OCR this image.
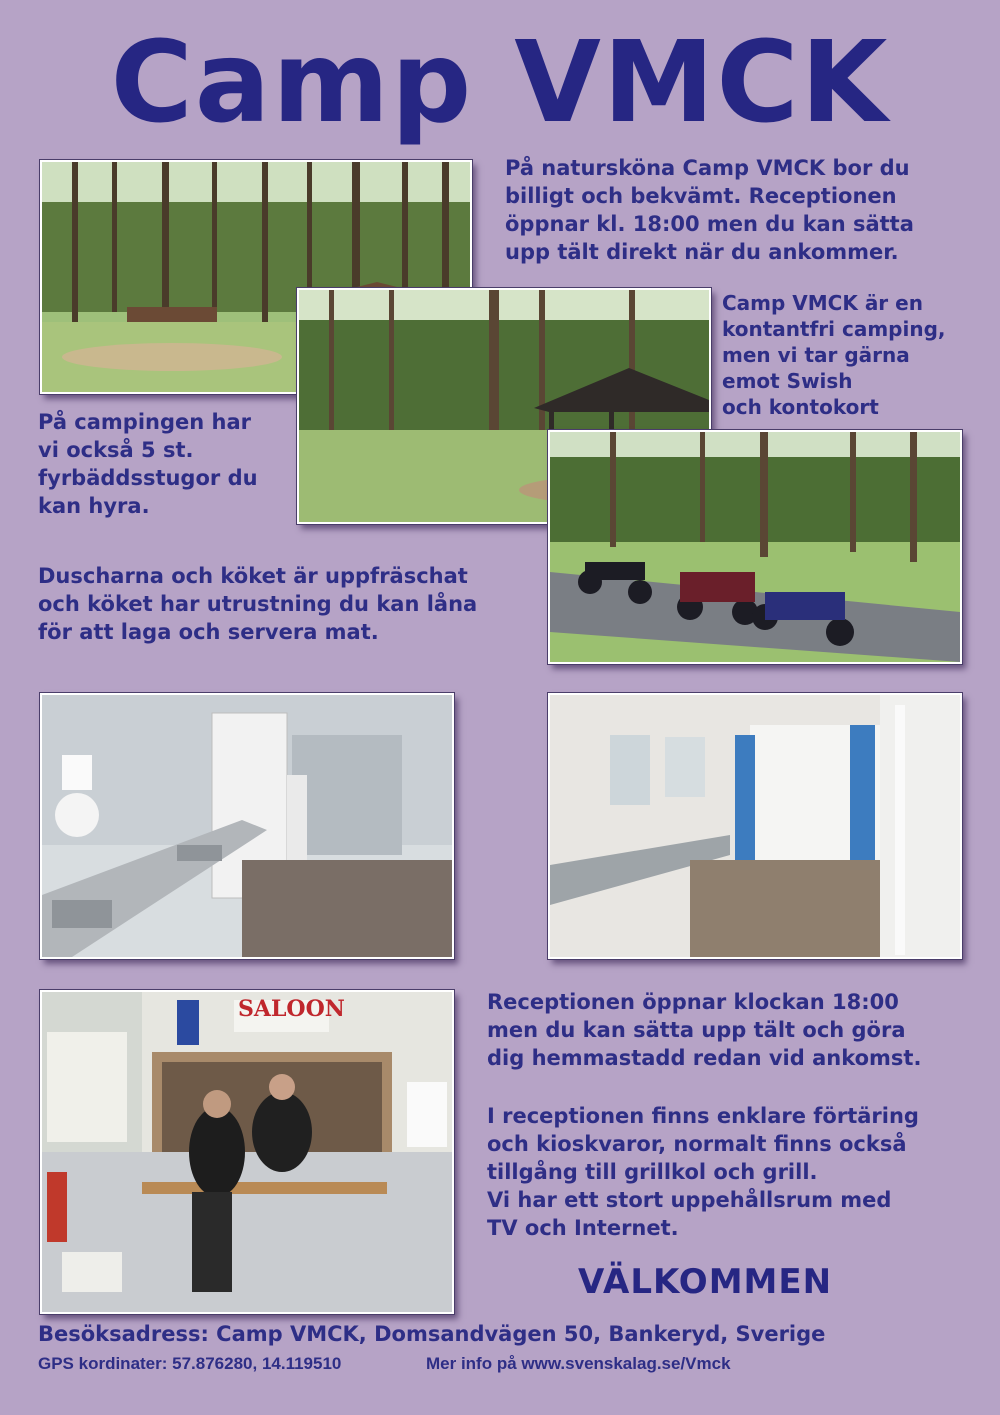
Camp VMCK
På natursköna Camp VMCK bor du
billigt och bekvämt. Receptionen
öppnar kl. 18:00 men du kan sätta
upp tält direkt när du ankommer.
Camp VMCK är en
kontantfri camping,
men vi tar gärna
emot Swish
och kontokort
På campingen har
vi också 5 st.
fyrbäddsstugor du
kan hyra.
Duscharna och köket är uppfräschat
och köket har utrustning du kan låna
för att laga och servera mat.
SALOON	Receptionen öppnar klockan 18:00
men du kan sätta upp tält och göra
dig hemmastadd redan vid ankomst.
I receptionen finns enklare förtäring
och kioskvaror, normalt finns också
tillgång till grillkol och grill.
Vi har ett stort uppehållsrum med
TV och Internet.
VÄLKOMMEN
Besöksadress: Camp VMCK, Domsandvägen 50, Bankeryd, Sverige
GPS kordinater: 57.876280, 14.119510	Mer info på www.svenskalag.se/Vmck
